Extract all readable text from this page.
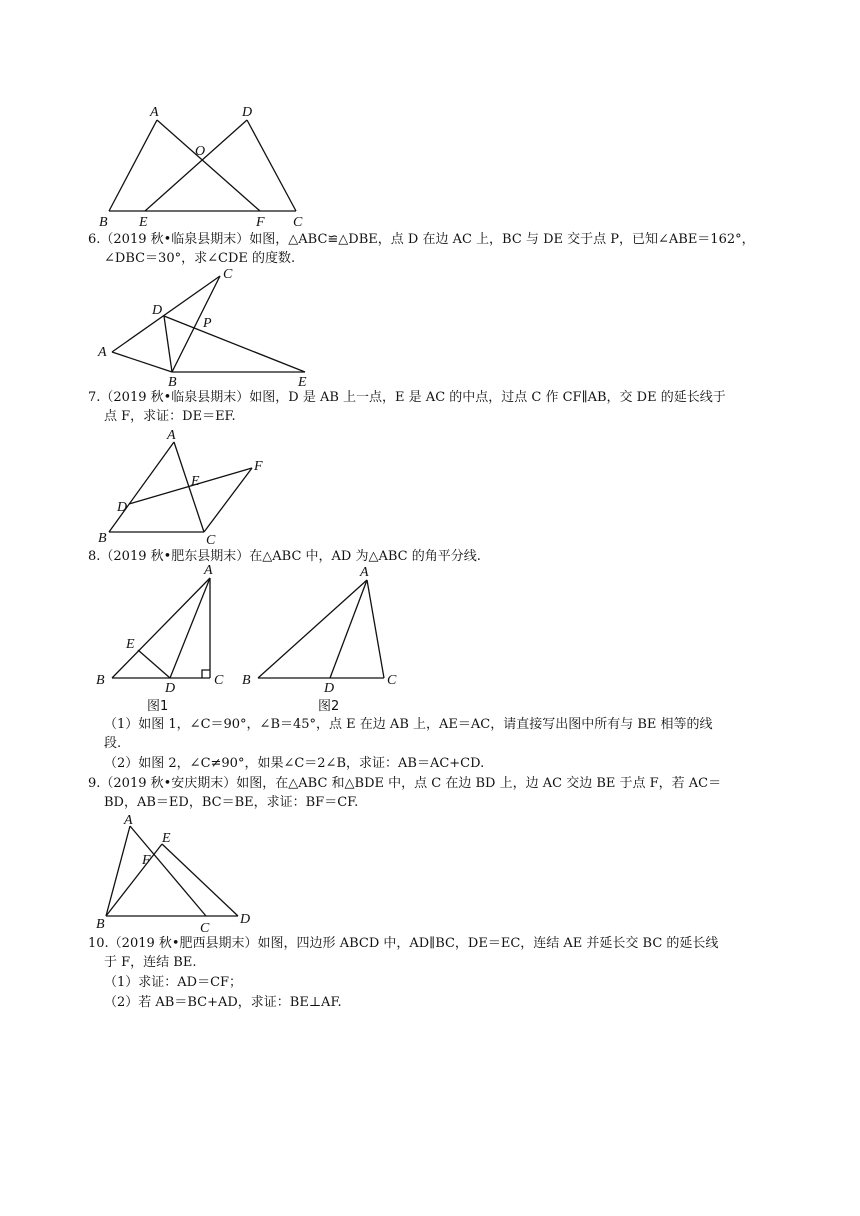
A	D
O
B E	F C
6.（2019 秋•临泉县期末）如图，△ABC≌△DBE，点 D 在边 AC 上，BC 与 DE 交于点 P，已知∠ABE＝162°，
∠DBC＝30°，求∠CDE 的度数.
C
D
P
A
B	E
7.（2019 秋•临泉县期末）如图，D 是 AB 上一点，E 是 AC 的中点，过点 C 作 CF∥AB，交 DE 的延长线于
点 F，求证：DE＝EF.
A
E
F
D
B	C
8.（2019 秋•肥东县期末）在△ABC 中，AD 为△ABC 的角平分线.
A
E
B
D
C
图1
A
B
D
C
图2
（1）如图 1，∠C＝90°，∠B＝45°，点 E 在边 AB 上，AE＝AC，请直接写出图中所有与 BE 相等的线
段.
（2）如图 2，∠C≠90°，如果∠C＝2∠B，求证：AB＝AC+CD.
9.（2019 秋•安庆期末）如图，在△ABC 和△BDE 中，点 C 在边 BD 上，边 AC 交边 BE 于点 F，若 AC＝
BD，AB＝ED，BC＝BE，求证：BF＝CF.
A
E
F
B	C
D
10.（2019 秋•肥西县期末）如图，四边形 ABCD 中，AD∥BC，DE＝EC，连结 AE 并延长交 BC 的延长线
于 F，连结 BE.
（1）求证：AD＝CF；
（2）若 AB＝BC+AD，求证：BE⊥AF.
